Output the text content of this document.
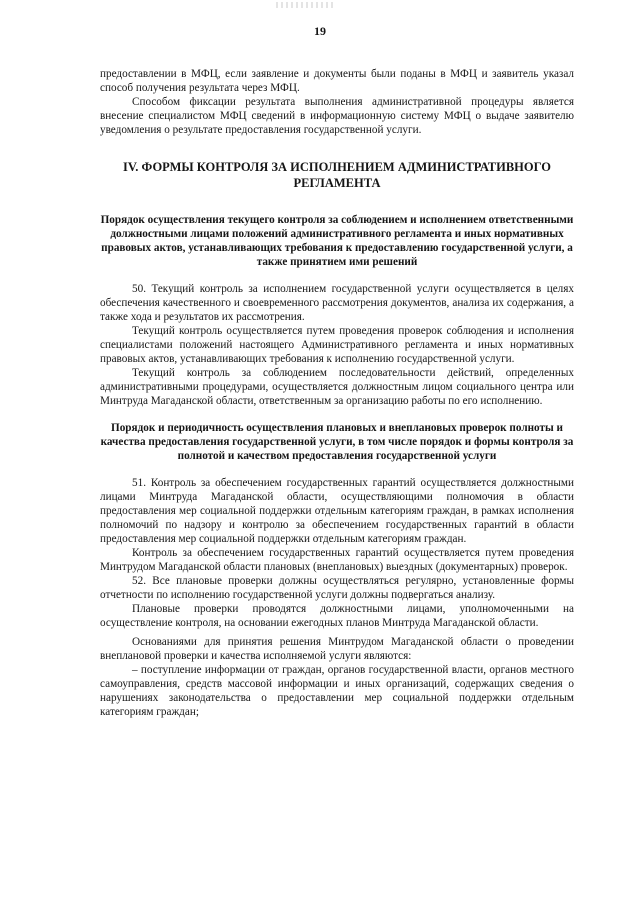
19

предоставлении в МФЦ, если заявление и документы были поданы в МФЦ и заявитель указал способ получения результата через МФЦ.

Способом фиксации результата выполнения административной процедуры является внесение специалистом МФЦ сведений в информационную систему МФЦ о выдаче заявителю уведомления о результате предоставления государственной услуги.

IV. ФОРМЫ КОНТРОЛЯ ЗА ИСПОЛНЕНИЕМ АДМИНИСТРАТИВНОГО РЕГЛАМЕНТА
Порядок осуществления текущего контроля за соблюдением и исполнением ответственными должностными лицами положений административного регламента и иных нормативных правовых актов, устанавливающих требования к предоставлению государственной услуги, а также принятием ими решений

50. Текущий контроль за исполнением государственной услуги осуществляется в целях обеспечения качественного и своевременного рассмотрения документов, анализа их содержания, а также хода и результатов их рассмотрения.

Текущий контроль осуществляется путем проведения проверок соблюдения и исполнения специалистами положений настоящего Административного регламента и иных нормативных правовых актов, устанавливающих требования к исполнению государственной услуги.

Текущий контроль за соблюдением последовательности действий, определенных административными процедурами, осуществляется должностным лицом социального центра или Минтруда Магаданской области, ответственным за организацию работы по его исполнению.

Порядок и периодичность осуществления плановых и внеплановых проверок полноты и качества предоставления государственной услуги, в том числе порядок и формы контроля за полнотой и качеством предоставления государственной услуги

51. Контроль за обеспечением государственных гарантий осуществляется должностными лицами Минтруда Магаданской области, осуществляющими полномочия в области предоставления мер социальной поддержки отдельным категориям граждан, в рамках исполнения полномочий по надзору и контролю за обеспечением государственных гарантий в области предоставления мер социальной поддержки отдельным категориям граждан.

Контроль за обеспечением государственных гарантий осуществляется путем проведения Минтрудом Магаданской области плановых (внеплановых) выездных (документарных) проверок.

52. Все плановые проверки должны осуществляться регулярно, установленные формы отчетности по исполнению государственной услуги должны подвергаться анализу.

Плановые проверки проводятся должностными лицами, уполномоченными на осуществление контроля, на основании ежегодных планов Минтруда Магаданской области.

Основаниями для принятия решения Минтрудом Магаданской области о проведении внеплановой проверки и качества исполняемой услуги являются:

– поступление информации от граждан, органов государственной власти, органов местного самоуправления, средств массовой информации и иных организаций, содержащих сведения о нарушениях законодательства о предоставлении мер социальной поддержки отдельным категориям граждан;
